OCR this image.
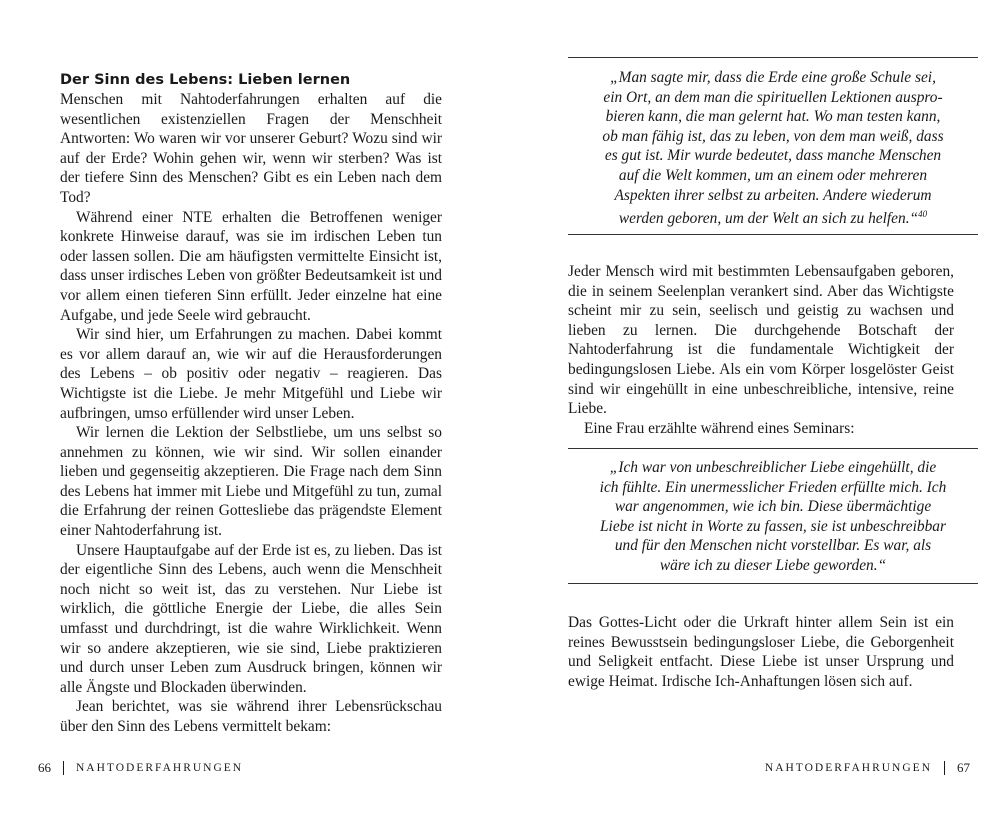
Der Sinn des Lebens: Lieben lernen

Menschen mit Nahtoderfahrungen erhalten auf die wesentlichen existenziellen Fragen der Menschheit Antworten: Wo waren wir vor unserer Geburt? Wozu sind wir auf der Erde? Wohin gehen wir, wenn wir sterben? Was ist der tiefere Sinn des Menschen? Gibt es ein Leben nach dem Tod?

Während einer NTE erhalten die Betroffenen weniger konkrete Hinweise darauf, was sie im irdischen Leben tun oder lassen sollen. Die am häufigsten vermittelte Einsicht ist, dass unser irdisches Leben von größter Bedeutsamkeit ist und vor allem einen tieferen Sinn erfüllt. Jeder einzelne hat eine Aufgabe, und jede Seele wird gebraucht.

Wir sind hier, um Erfahrungen zu machen. Dabei kommt es vor allem darauf an, wie wir auf die Herausforderungen des Lebens – ob positiv oder negativ – reagieren. Das Wichtigste ist die Liebe. Je mehr Mitgefühl und Liebe wir aufbringen, umso erfüllender wird unser Leben.

Wir lernen die Lektion der Selbstliebe, um uns selbst so annehmen zu können, wie wir sind. Wir sollen einander lieben und gegenseitig akzeptieren. Die Frage nach dem Sinn des Lebens hat immer mit Liebe und Mitgefühl zu tun, zumal die Erfahrung der reinen Gottesliebe das prägendste Element einer Nahtoderfahrung ist.

Unsere Hauptaufgabe auf der Erde ist es, zu lieben. Das ist der eigentliche Sinn des Lebens, auch wenn die Menschheit noch nicht so weit ist, das zu verstehen. Nur Liebe ist wirklich, die göttliche Energie der Liebe, die alles Sein umfasst und durchdringt, ist die wahre Wirklichkeit. Wenn wir so andere akzeptieren, wie sie sind, Liebe praktizieren und durch unser Leben zum Ausdruck bringen, können wir alle Ängste und Blockaden überwinden.

Jean berichtet, was sie während ihrer Lebensrückschau über den Sinn des Lebens vermittelt bekam:

66 NAHTODERFAHRUNGEN

„Man sagte mir, dass die Erde eine große Schule sei,
ein Ort, an dem man die spirituellen Lektionen auspro-
bieren kann, die man gelernt hat. Wo man testen kann,
ob man fähig ist, das zu leben, von dem man weiß, dass
es gut ist. Mir wurde bedeutet, dass manche Menschen
auf die Welt kommen, um an einem oder mehreren
Aspekten ihrer selbst zu arbeiten. Andere wiederum
werden geboren, um der Welt an sich zu helfen.“$^{40}$

Jeder Mensch wird mit bestimmten Lebensaufgaben geboren, die in seinem Seelenplan verankert sind. Aber das Wichtigste scheint mir zu sein, seelisch und geistig zu wachsen und lieben zu lernen. Die durchgehende Botschaft der Nahtoderfahrung ist die fundamentale Wichtigkeit der bedingungslosen Liebe. Als ein vom Körper losgelöster Geist sind wir eingehüllt in eine unbeschreibliche, intensive, reine Liebe.

Eine Frau erzählte während eines Seminars:

„Ich war von unbeschreiblicher Liebe eingehüllt, die
ich fühlte. Ein unermesslicher Frieden erfüllte mich. Ich
war angenommen, wie ich bin. Diese übermächtige
Liebe ist nicht in Worte zu fassen, sie ist unbeschreibbar
und für den Menschen nicht vorstellbar. Es war, als
wäre ich zu dieser Liebe geworden.“

Das Gottes-Licht oder die Urkraft hinter allem Sein ist ein reines Bewusstsein bedingungsloser Liebe, die Geborgenheit und Seligkeit entfacht. Diese Liebe ist unser Ursprung und ewige Heimat. Irdische Ich-Anhaftungen lösen sich auf.

NAHTODERFAHRUNGEN 67
